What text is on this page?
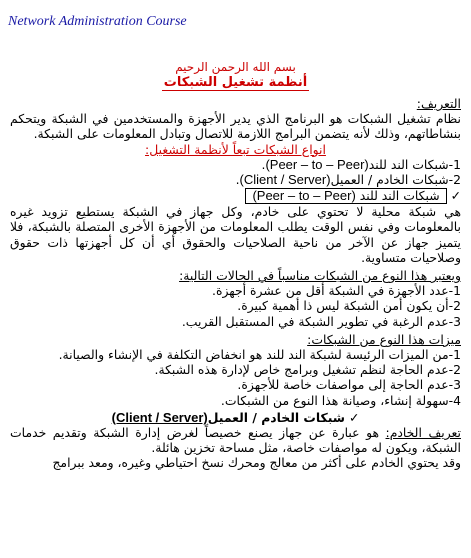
Network Administration Course

بسم الله الرحمن الرحيم
أنظمة تشغيل الشبكات
التعريف:

نظام تشغيل الشبكات هو البرنامج الذي يدير الأجهزة والمستخدمين في الشبكة ويتحكم بنشاطاتهم، وذلك لأنه يتضمن البرامج اللازمة للاتصال وتبادل المعلومات على الشبكة.

انواع الشبكات تبعاً لأنظمة التشغيل:
1
-شبكات الند للند
(Peer – to – Peer)
.
2
-شبكات الخادم / العميل
(Client / Server)
.
✓
(Peer – to – Peer) شبكات الند للند

هي شبكة محلية لا تحتوي على خادم، وكل جهاز في الشبكة يستطيع تزويد غيره بالمعلومات وفي نفس الوقت يطلب المعلومات من الأجهزة الأخرى المتصلة بالشبكة، فلا يتميز جهاز عن الآخر من ناحية الصلاحيات والحقوق أي أن كل أجهزتها ذات حقوق وصلاحيات متساوية.

ويعتبر هذا النوع من الشبكات مناسباً في الحالات التالية:
1
-عدد الأجهزة في الشبكة أقل من عشرة أجهزة.
2
-أن يكون أمن الشبكة ليس ذا أهمية كبيرة.
3
-عدم الرغبة في تطوير الشبكة في المستقبل القريب.
ميزات هذا النوع من الشبكات:
1
-من الميزات الرئيسة لشبكة الند للند هو انخفاض التكلفة في الإنشاء والصيانة.
2
-عدم الحاجة لنظم تشغيل وبرامج خاص لإدارة هذه الشبكة.
3
-عدم الحاجة إلى مواصفات خاصة للأجهزة.
4
-سهولة إنشاء، وصيانة هذا النوع من الشبكات.
✓
شبكات الخادم / العميل
(Client / Server)

تعريف الخادم: هو عبارة عن جهاز يصنع خصيصاً لغرض إدارة الشبكة وتقديم خدمات الشبكة، ويكون له مواصفات خاصة، مثل مساحة تخزين هائلة.

وقد يحتوي الخادم على أكثر من معالج ومحرك نسخ احتياطي وغيره، ومعد ببرامج
